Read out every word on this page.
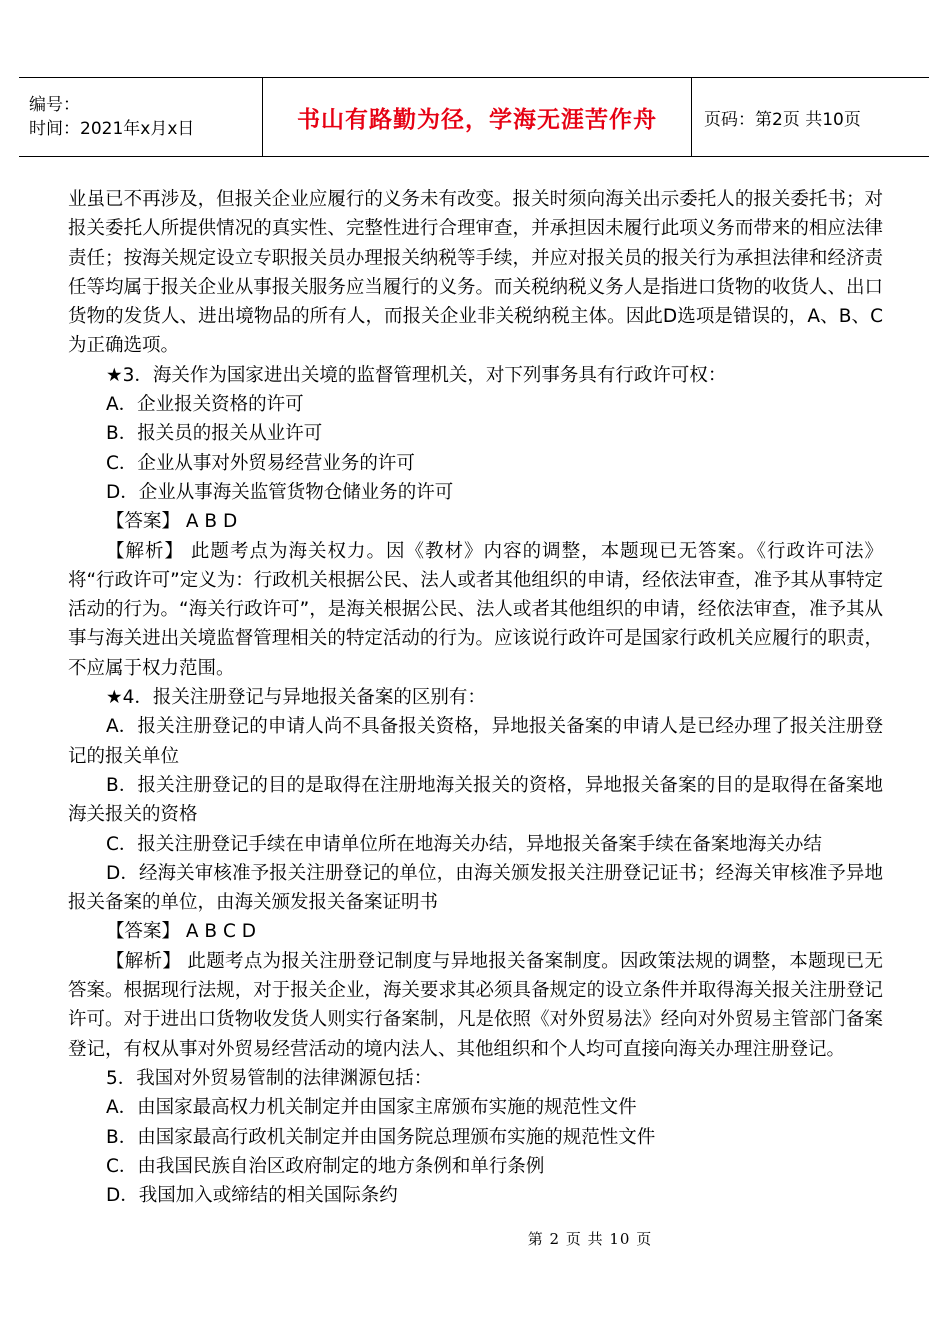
编号：
时间：2021年x月x日	书山有路勤为径，学海无涯苦作舟	页码：第2页 共10页

业虽已不再涉及，但报关企业应履行的义务未有改变。报关时须向海关出示委托人的报关委托书；对报关委托人所提供情况的真实性、完整性进行合理审查，并承担因未履行此项义务而带来的相应法律责任；按海关规定设立专职报关员办理报关纳税等手续，并应对报关员的报关行为承担法律和经济责任等均属于报关企业从事报关服务应当履行的义务。而关税纳税义务人是指进口货物的收货人、出口货物的发货人、进出境物品的所有人，而报关企业非关税纳税主体。因此D选项是错误的，A、B、C为正确选项。

★3．海关作为国家进出关境的监督管理机关，对下列事务具有行政许可权：

A．企业报关资格的许可

B．报关员的报关从业许可

C．企业从事对外贸易经营业务的许可

D．企业从事海关监管货物仓储业务的许可

【答案】 A B D

【解析】 此题考点为海关权力。因《教材》内容的调整，本题现已无答案。《行政许可法》将“行政许可”定义为：行政机关根据公民、法人或者其他组织的申请，经依法审查，准予其从事特定活动的行为。“海关行政许可”，是海关根据公民、法人或者其他组织的申请，经依法审查，准予其从事与海关进出关境监督管理相关的特定活动的行为。应该说行政许可是国家行政机关应履行的职责，不应属于权力范围。

★4．报关注册登记与异地报关备案的区别有：

A．报关注册登记的申请人尚不具备报关资格，异地报关备案的申请人是已经办理了报关注册登记的报关单位

B．报关注册登记的目的是取得在注册地海关报关的资格，异地报关备案的目的是取得在备案地海关报关的资格

C．报关注册登记手续在申请单位所在地海关办结，异地报关备案手续在备案地海关办结

D．经海关审核准予报关注册登记的单位，由海关颁发报关注册登记证书；经海关审核准予异地报关备案的单位，由海关颁发报关备案证明书

【答案】 A B C D

【解析】 此题考点为报关注册登记制度与异地报关备案制度。因政策法规的调整，本题现已无答案。根据现行法规，对于报关企业，海关要求其必须具备规定的设立条件并取得海关报关注册登记许可。对于进出口货物收发货人则实行备案制，凡是依照《对外贸易法》经向对外贸易主管部门备案登记，有权从事对外贸易经营活动的境内法人、其他组织和个人均可直接向海关办理注册登记。

5．我国对外贸易管制的法律渊源包括：

A．由国家最高权力机关制定并由国家主席颁布实施的规范性文件

B．由国家最高行政机关制定并由国务院总理颁布实施的规范性文件

C．由我国民族自治区政府制定的地方条例和单行条例

D．我国加入或缔结的相关国际条约

第 2 页 共 10 页
